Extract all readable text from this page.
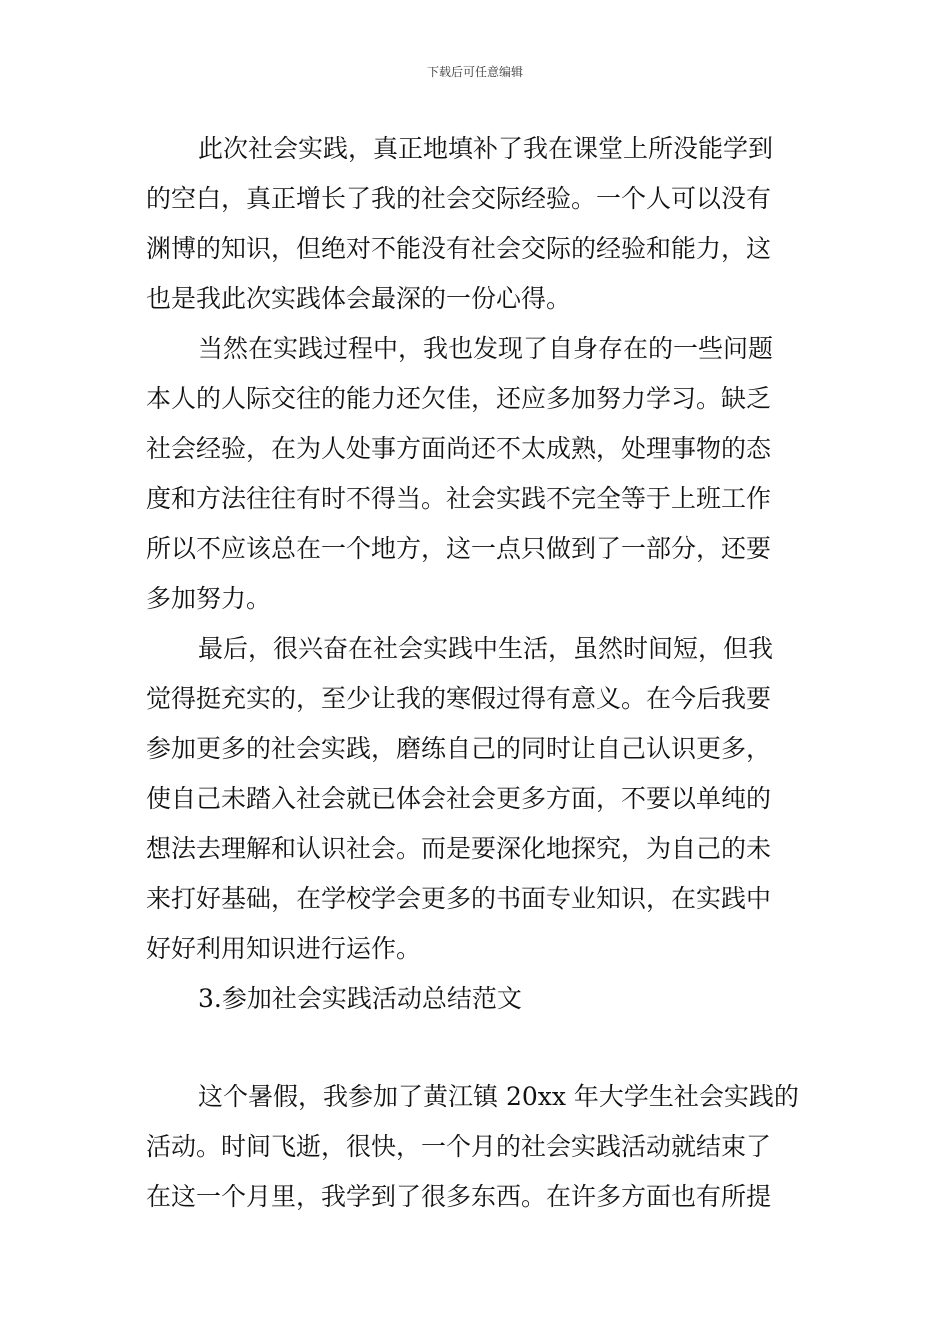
下载后可任意编辑
此次社会实践，真正地填补了我在课堂上所没能学到
的空白，真正增长了我的社会交际经验。一个人可以没有
渊博的知识，但绝对不能没有社会交际的经验和能力，这
也是我此次实践体会最深的一份心得。
当然在实践过程中，我也发现了自身存在的一些问题
本人的人际交往的能力还欠佳，还应多加努力学习。缺乏
社会经验，在为人处事方面尚还不太成熟，处理事物的态
度和方法往往有时不得当。社会实践不完全等于上班工作
所以不应该总在一个地方，这一点只做到了一部分，还要
多加努力。
最后，很兴奋在社会实践中生活，虽然时间短，但我
觉得挺充实的，至少让我的寒假过得有意义。在今后我要
参加更多的社会实践，磨练自己的同时让自己认识更多，
使自己未踏入社会就已体会社会更多方面，不要以单纯的
想法去理解和认识社会。而是要深化地探究，为自己的未
来打好基础，在学校学会更多的书面专业知识，在实践中
好好利用知识进行运作。
3.参加社会实践活动总结范文
这个暑假，我参加了黄江镇 20xx 年大学生社会实践的
活动。时间飞逝，很快，一个月的社会实践活动就结束了
在这一个月里，我学到了很多东西。在许多方面也有所提
